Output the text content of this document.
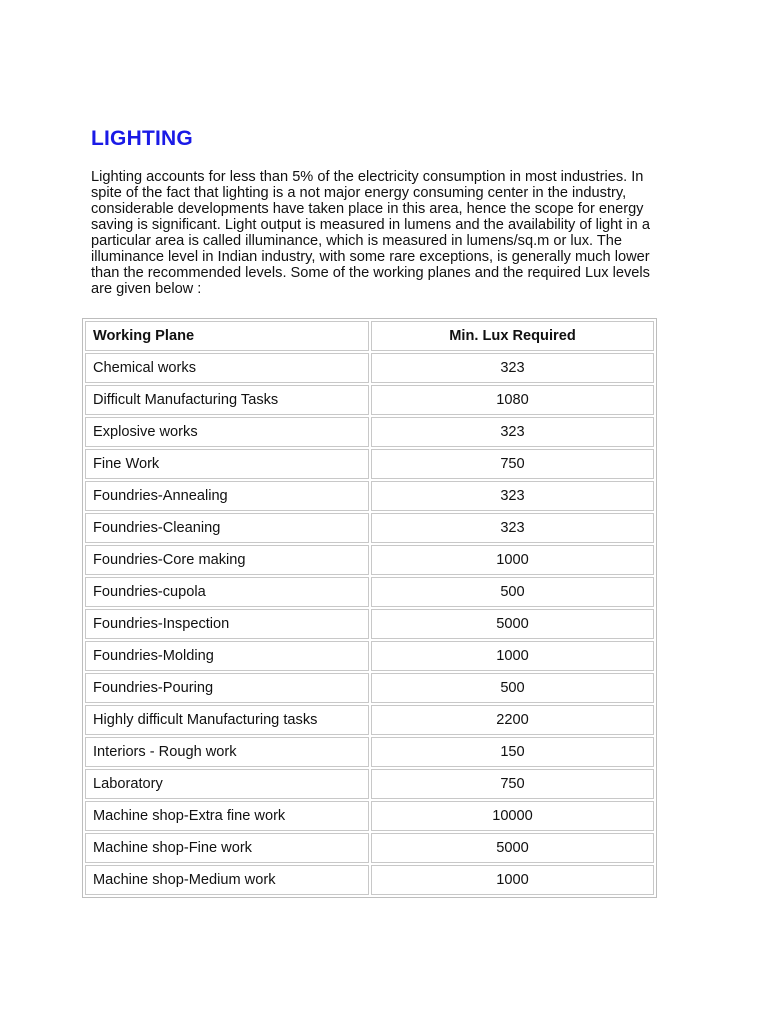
LIGHTING

Lighting accounts for less than 5% of the electricity consumption in most industries. In
spite of the fact that lighting is a not major energy consuming center in the industry,
considerable developments have taken place in this area, hence the scope for energy
saving is significant. Light output is measured in lumens and the availability of light in a
particular area is called illuminance, which is measured in lumens/sq.m or lux. The
illuminance level in Indian industry, with some rare exceptions, is generally much lower
than the recommended levels. Some of the working planes and the required Lux levels
are given below :

Working Plane	Min. Lux Required
Chemical works	323
Difficult Manufacturing Tasks	1080
Explosive works	323
Fine Work	750
Foundries-Annealing	323
Foundries-Cleaning	323
Foundries-Core making	1000
Foundries-cupola	500
Foundries-Inspection	5000
Foundries-Molding	1000
Foundries-Pouring	500
Highly difficult Manufacturing tasks	2200
Interiors - Rough work	150
Laboratory	750
Machine shop-Extra fine work	10000
Machine shop-Fine work	5000
Machine shop-Medium work	1000
